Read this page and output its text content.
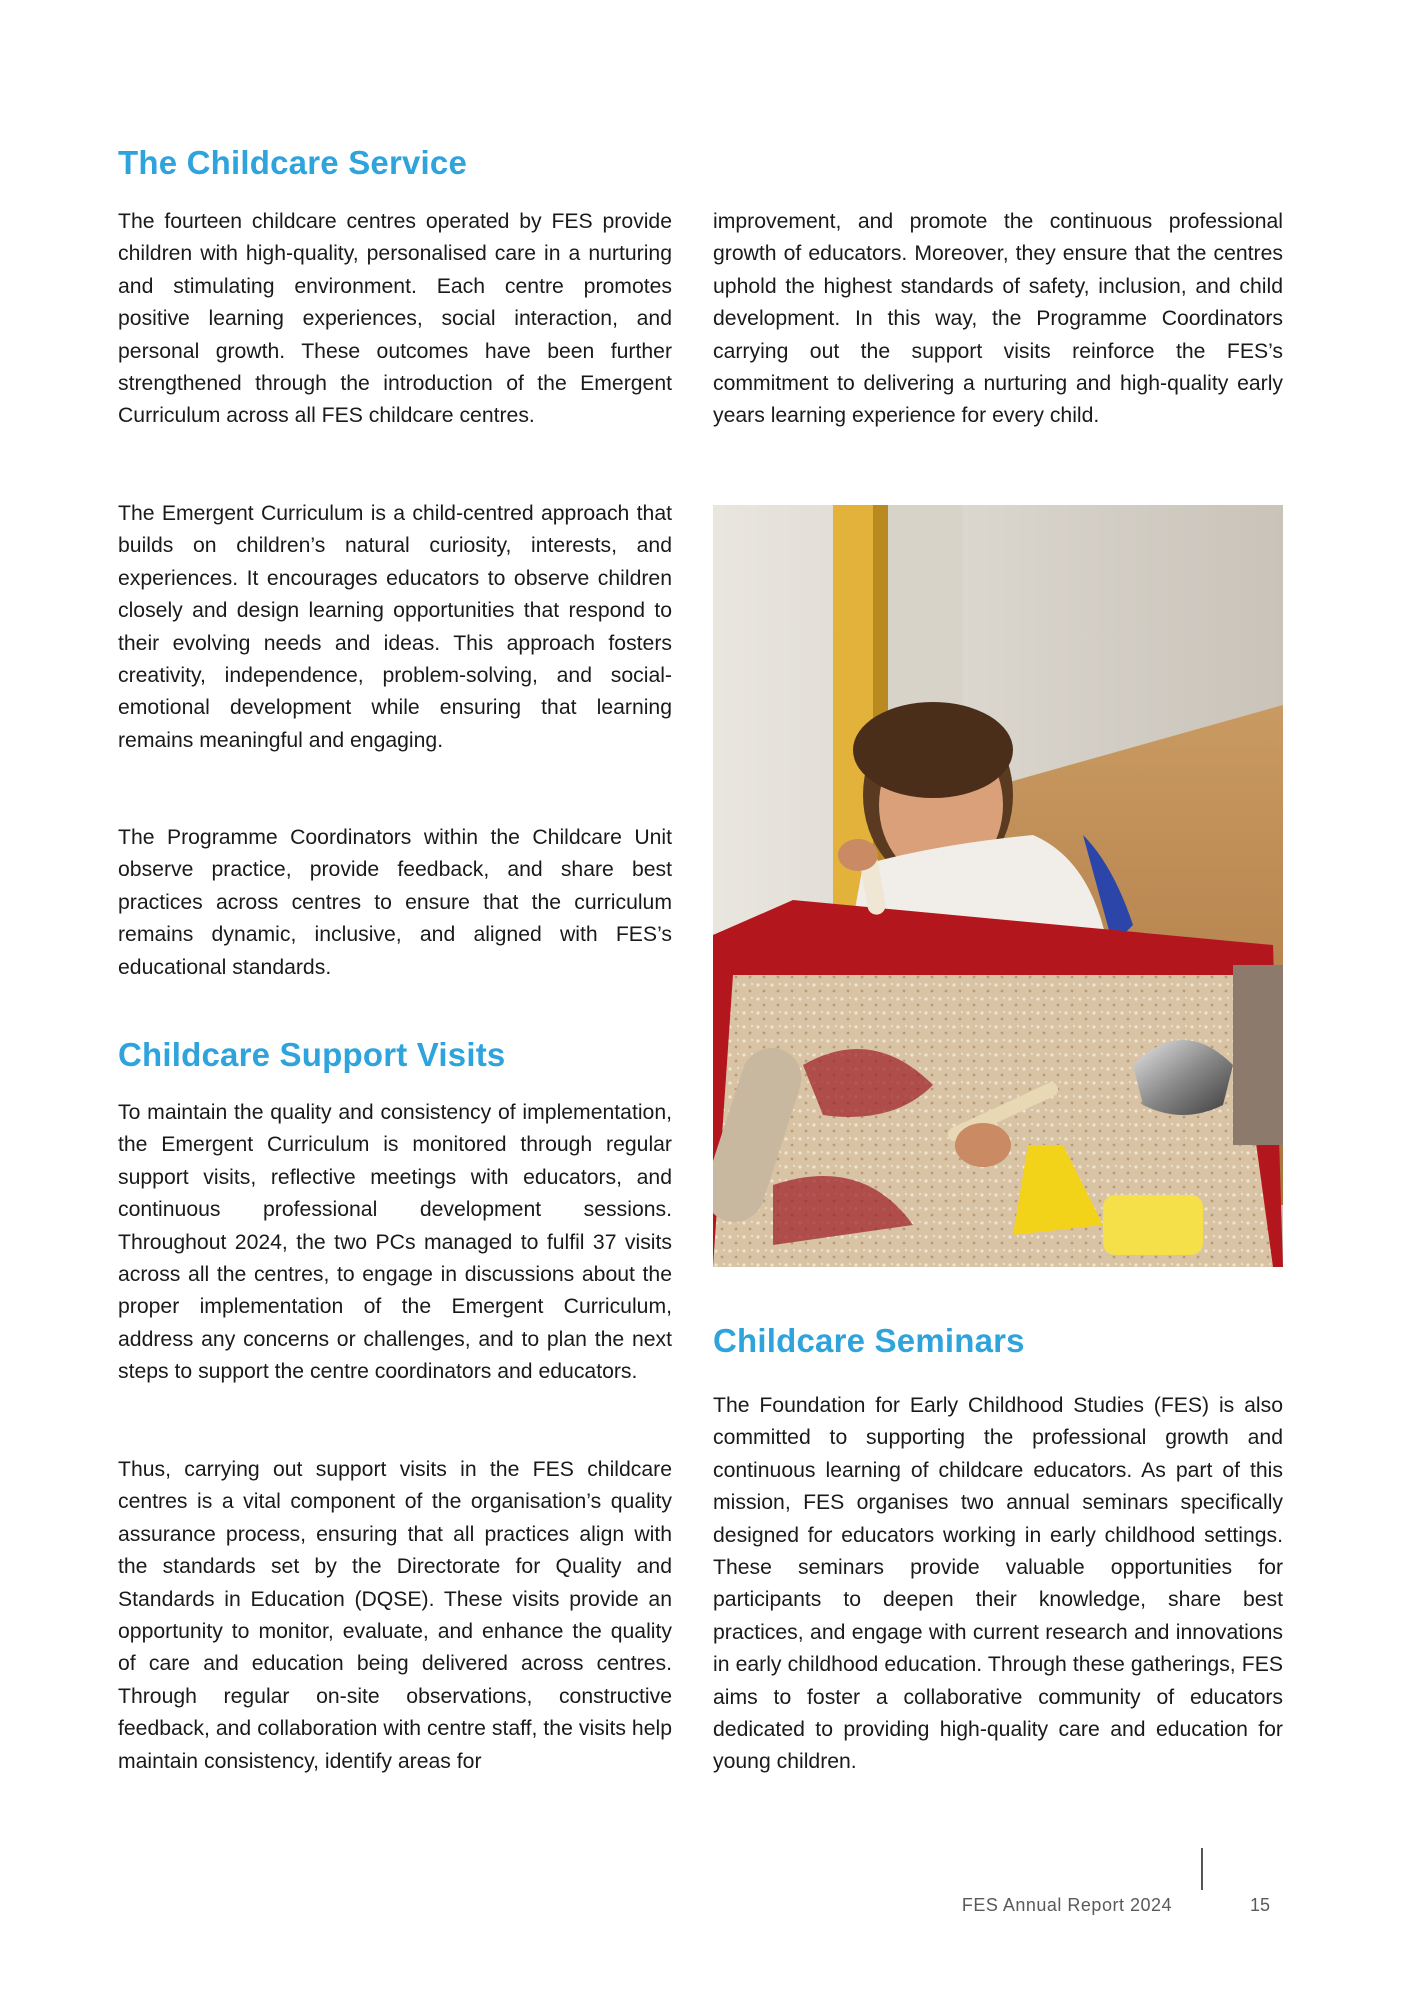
The Childcare Service

The fourteen childcare centres operated by FES provide children with high-quality, personalised care in a nurturing and stimulating environment. Each centre promotes positive learning experiences, social interaction, and personal growth. These outcomes have been further strengthened through the introduction of the Emergent Curriculum across all FES childcare centres.

The Emergent Curriculum is a child-centred approach that builds on children’s natural curiosity, interests, and experiences. It encourages educators to observe children closely and design learning opportunities that respond to their evolving needs and ideas. This approach fosters creativity, independence, problem-solving, and social-emotional development while ensuring that learning remains meaningful and engaging.

The Programme Coordinators within the Childcare Unit observe practice, provide feedback, and share best practices across centres to ensure that the curriculum remains dynamic, inclusive, and aligned with FES’s educational standards.

Childcare Support Visits

To maintain the quality and consistency of implementation, the Emergent Curriculum is monitored through regular support visits, reflective meetings with educators, and continuous professional development sessions. Throughout 2024, the two PCs managed to fulfil 37 visits across all the centres, to engage in discussions about the proper implementation of the Emergent Curriculum, address any concerns or challenges, and to plan the next steps to support the centre coordinators and educators.

Thus, carrying out support visits in the FES childcare centres is a vital component of the organisation’s quality assurance process, ensuring that all practices align with the standards set by the Directorate for Quality and Standards in Education (DQSE). These visits provide an opportunity to monitor, evaluate, and enhance the quality of care and education being delivered across centres. Through regular on-site observations, constructive feedback, and collaboration with centre staff, the visits help maintain consistency, identify areas for

improvement, and promote the continuous professional growth of educators. Moreover, they ensure that the centres uphold the highest standards of safety, inclusion, and child development. In this way, the Programme Coordinators carrying out the support visits reinforce the FES’s commitment to delivering a nurturing and high-quality early years learning experience for every child.

Childcare Seminars

The Foundation for Early Childhood Studies (FES) is also committed to supporting the professional growth and continuous learning of childcare educators. As part of this mission, FES organises two annual seminars specifically designed for educators working in early childhood settings. These seminars provide valuable opportunities for participants to deepen their knowledge, share best practices, and engage with current research and innovations in early childhood education. Through these gatherings, FES aims to foster a collaborative community of educators dedicated to providing high-quality care and education for young children.

FES Annual Report 2024	15
